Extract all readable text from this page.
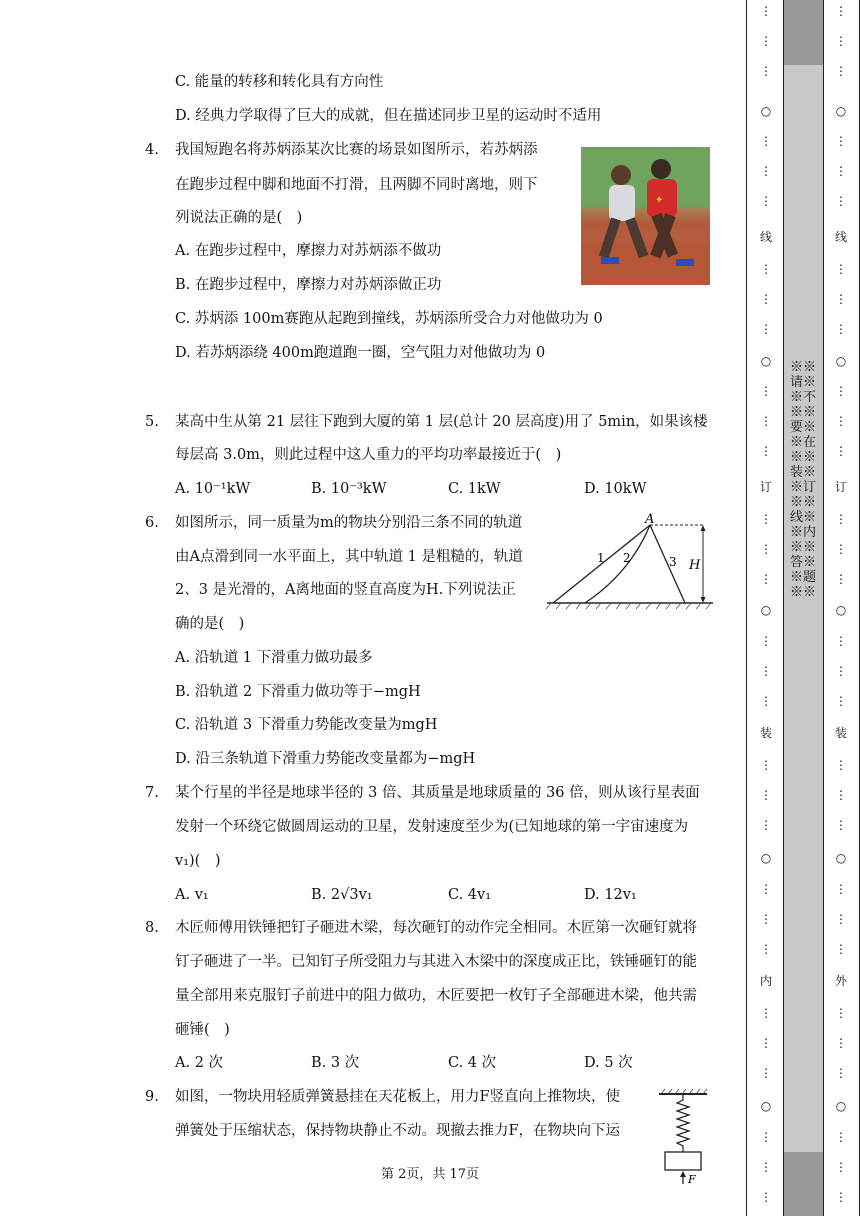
C. 能量的转移和转化具有方向性
D. 经典力学取得了巨大的成就，但在描述同步卫星的运动时不适用
4. 我国短跑名将苏炳添某次比赛的场景如图所示，若苏炳添
在跑步过程中脚和地面不打滑，且两脚不同时离地，则下
列说法正确的是(　)
A. 在跑步过程中，摩擦力对苏炳添不做功
B. 在跑步过程中，摩擦力对苏炳添做正功
C. 苏炳添 100m赛跑从起跑到撞线，苏炳添所受合力对他做功为 0
D. 若苏炳添绕 400m跑道跑一圈，空气阻力对他做功为 0
✦
5. 某高中生从第 21 层往下跑到大厦的第 1 层(总计 20 层高度)用了 5min，如果该楼
每层高 3.0m，则此过程中这人重力的平均功率最接近于(　)
A. 10⁻¹kW	B. 10⁻³kW	C. 1kW	D. 10kW
6. 如图所示，同一质量为m的物块分别沿三条不同的轨道
由A点滑到同一水平面上，其中轨道 1 是粗糙的，轨道
2、3 是光滑的，A离地面的竖直高度为H.下列说法正
确的是(　)
A. 沿轨道 1 下滑重力做功最多
B. 沿轨道 2 下滑重力做功等于−mgH
C. 沿轨道 3 下滑重力势能改变量为mgH
D. 沿三条轨道下滑重力势能改变量都为−mgH
A
H
1 2	3
7. 某个行星的半径是地球半径的 3 倍、其质量是地球质量的 36 倍，则从该行星表面
发射一个环绕它做圆周运动的卫星，发射速度至少为(已知地球的第一宇宙速度为
v₁)(　)
A. v₁	B. 2√3v₁	C. 4v₁	D. 12v₁
8. 木匠师傅用铁锤把钉子砸进木梁，每次砸钉的动作完全相同。木匠第一次砸钉就将
钉子砸进了一半。已知钉子所受阻力与其进入木梁中的深度成正比，铁锤砸钉的能
量全部用来克服钉子前进中的阻力做功，木匠要把一枚钉子全部砸进木梁，他共需
砸锤(　)
A. 2 次	B. 3 次	C. 4 次	D. 5 次
9. 如图，一物块用轻质弹簧悬挂在天花板上，用力F竖直向上推物块，使
弹簧处于压缩状态，保持物块静止不动。现撤去推力F，在物块向下运
F
第 2页，共 17页
※※请※※不※※要※※在※※装※※订※※线※※内※※答※※题※※
⋮
⋮
⋮
○
⋮
⋮
⋮
线
⋮
⋮
⋮
○
⋮
⋮
⋮
订
⋮
⋮
⋮
○
⋮
⋮
⋮
装
⋮
⋮
⋮
○
⋮
⋮
⋮
内
⋮
⋮
⋮
○
⋮
⋮
⋮
⋮
⋮
⋮
○
⋮
⋮
⋮
线
⋮
⋮
⋮
○
⋮
⋮
⋮
订
⋮
⋮
⋮
○
⋮
⋮
⋮
装
⋮
⋮
⋮
○
⋮
⋮
⋮
外
⋮
⋮
⋮
○
⋮
⋮
⋮
